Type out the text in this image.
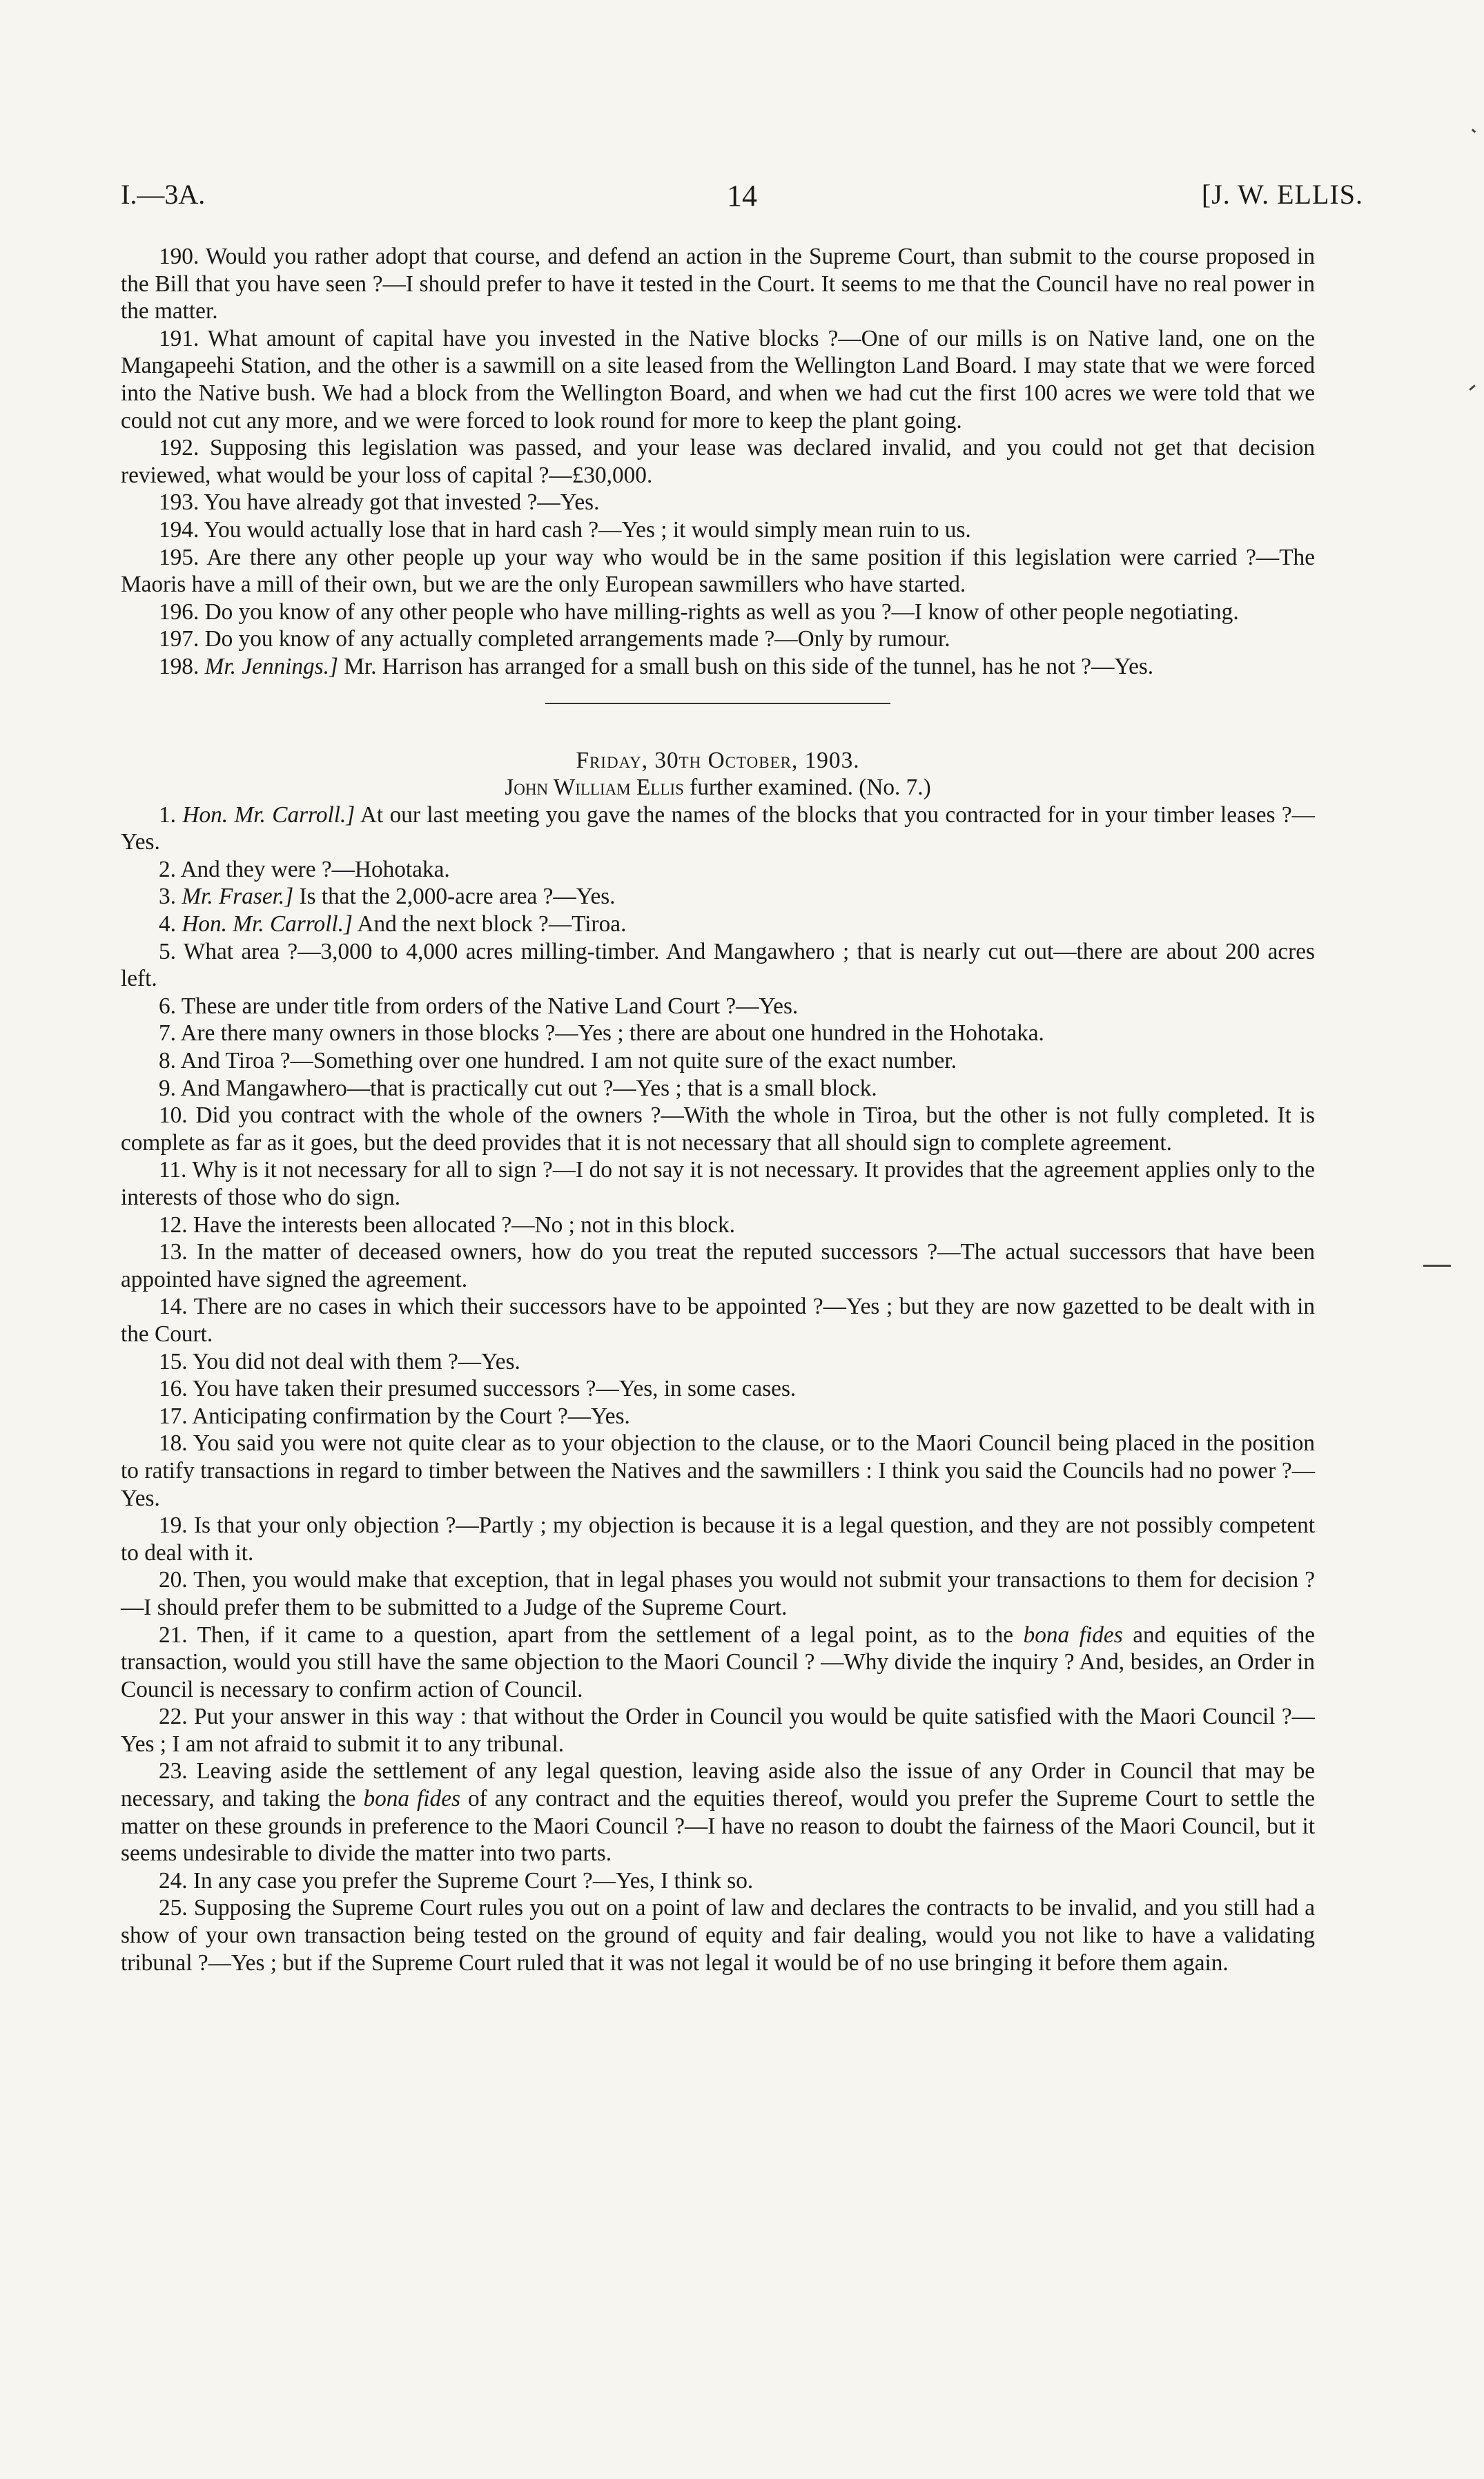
I.—3A.	14	[J. W. ELLIS.

190. Would you rather adopt that course, and defend an action in the Supreme Court, than submit to the course proposed in the Bill that you have seen ?—I should prefer to have it tested in the Court. It seems to me that the Council have no real power in the matter.

191. What amount of capital have you invested in the Native blocks ?—One of our mills is on Native land, one on the Mangapeehi Station, and the other is a sawmill on a site leased from the Wellington Land Board. I may state that we were forced into the Native bush. We had a block from the Wellington Board, and when we had cut the first 100 acres we were told that we could not cut any more, and we were forced to look round for more to keep the plant going.

192. Supposing this legislation was passed, and your lease was declared invalid, and you could not get that decision reviewed, what would be your loss of capital ?—£30,000.

193. You have already got that invested ?—Yes.

194. You would actually lose that in hard cash ?—Yes ; it would simply mean ruin to us.

195. Are there any other people up your way who would be in the same position if this legislation were carried ?—The Maoris have a mill of their own, but we are the only European sawmillers who have started.

196. Do you know of any other people who have milling-rights as well as you ?—I know of other people negotiating.

197. Do you know of any actually completed arrangements made ?—Only by rumour.

198. Mr. Jennings.] Mr. Harrison has arranged for a small bush on this side of the tunnel, has he not ?—Yes.

Friday, 30th October, 1903.

John William Ellis further examined. (No. 7.)

1. Hon. Mr. Carroll.] At our last meeting you gave the names of the blocks that you contracted for in your timber leases ?—Yes.

2. And they were ?—Hohotaka.

3. Mr. Fraser.] Is that the 2,000-acre area ?—Yes.

4. Hon. Mr. Carroll.] And the next block ?—Tiroa.

5. What area ?—3,000 to 4,000 acres milling-timber. And Mangawhero ; that is nearly cut out—there are about 200 acres left.

6. These are under title from orders of the Native Land Court ?—Yes.

7. Are there many owners in those blocks ?—Yes ; there are about one hundred in the Hohotaka.

8. And Tiroa ?—Something over one hundred. I am not quite sure of the exact number.

9. And Mangawhero—that is practically cut out ?—Yes ; that is a small block.

10. Did you contract with the whole of the owners ?—With the whole in Tiroa, but the other is not fully completed. It is complete as far as it goes, but the deed provides that it is not necessary that all should sign to complete agreement.

11. Why is it not necessary for all to sign ?—I do not say it is not necessary. It provides that the agreement applies only to the interests of those who do sign.

12. Have the interests been allocated ?—No ; not in this block.

13. In the matter of deceased owners, how do you treat the reputed successors ?—The actual successors that have been appointed have signed the agreement.

14. There are no cases in which their successors have to be appointed ?—Yes ; but they are now gazetted to be dealt with in the Court.

15. You did not deal with them ?—Yes.

16. You have taken their presumed successors ?—Yes, in some cases.

17. Anticipating confirmation by the Court ?—Yes.

18. You said you were not quite clear as to your objection to the clause, or to the Maori Council being placed in the position to ratify transactions in regard to timber between the Natives and the sawmillers : I think you said the Councils had no power ?—Yes.

19. Is that your only objection ?—Partly ; my objection is because it is a legal question, and they are not possibly competent to deal with it.

20. Then, you would make that exception, that in legal phases you would not submit your transactions to them for decision ?—I should prefer them to be submitted to a Judge of the Supreme Court.

21. Then, if it came to a question, apart from the settlement of a legal point, as to the bona fides and equities of the transaction, would you still have the same objection to the Maori Council ? —Why divide the inquiry ? And, besides, an Order in Council is necessary to confirm action of Council.

22. Put your answer in this way : that without the Order in Council you would be quite satisfied with the Maori Council ?—Yes ; I am not afraid to submit it to any tribunal.

23. Leaving aside the settlement of any legal question, leaving aside also the issue of any Order in Council that may be necessary, and taking the bona fides of any contract and the equities thereof, would you prefer the Supreme Court to settle the matter on these grounds in preference to the Maori Council ?—I have no reason to doubt the fairness of the Maori Council, but it seems undesirable to divide the matter into two parts.

24. In any case you prefer the Supreme Court ?—Yes, I think so.

25. Supposing the Supreme Court rules you out on a point of law and declares the contracts to be invalid, and you still had a show of your own transaction being tested on the ground of equity and fair dealing, would you not like to have a validating tribunal ?—Yes ; but if the Supreme Court ruled that it was not legal it would be of no use bringing it before them again.
